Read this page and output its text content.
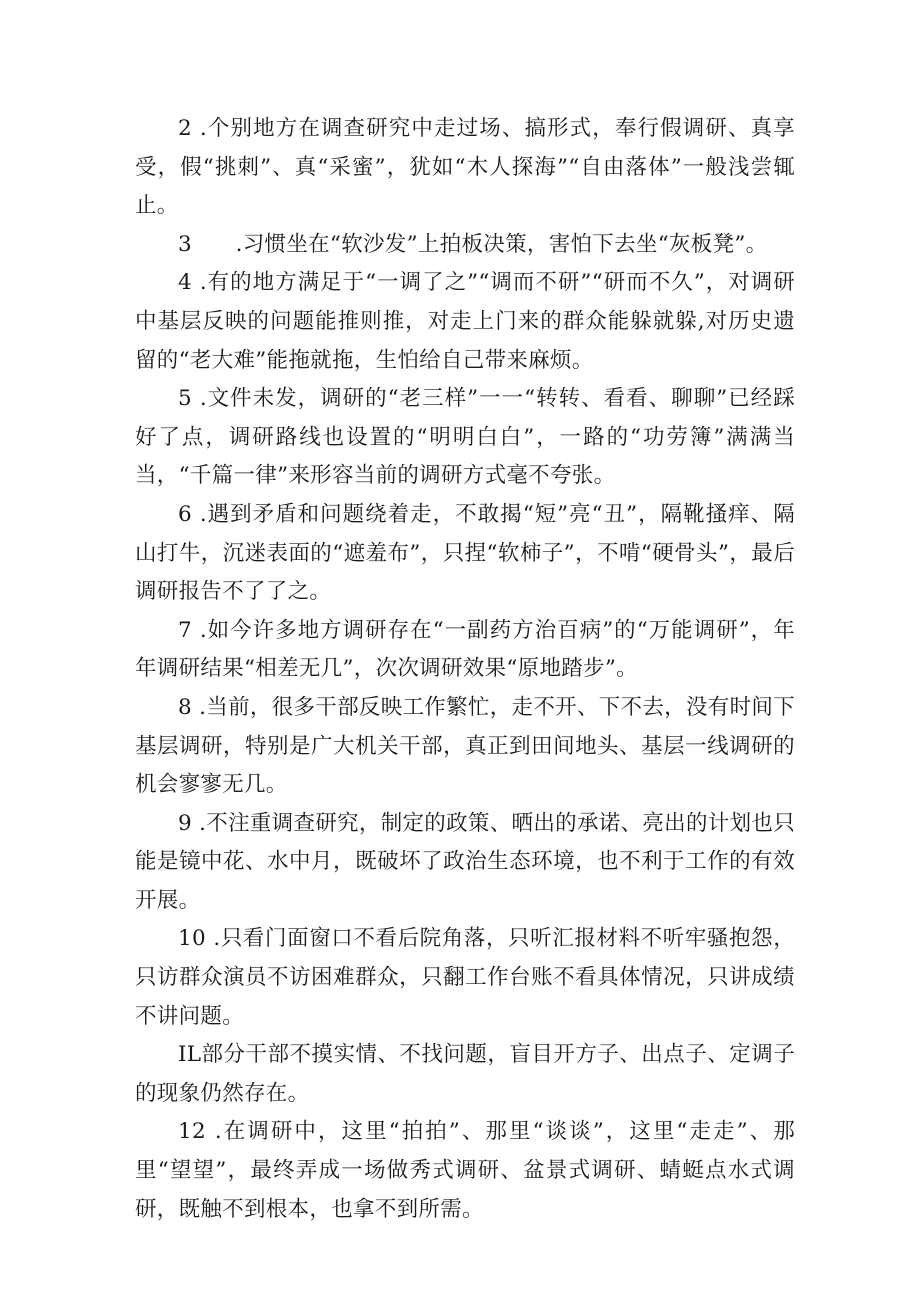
2 .个别地方在调查研究中走过场、搞形式，奉行假调研、真享受，假“挑刺”、真“采蜜”，犹如“木人探海”“自由落体”一般浅尝辄止。

3　　.习惯坐在“软沙发”上拍板决策，害怕下去坐“灰板凳”。

4 .有的地方满足于“一调了之”“调而不研”“研而不久”，对调研中基层反映的问题能推则推，对走上门来的群众能躲就躲,对历史遗留的“老大难”能拖就拖，生怕给自己带来麻烦。

5 .文件未发，调研的“老三样”一一“转转、看看、聊聊”已经踩好了点，调研路线也设置的“明明白白”，一路的“功劳簿”满满当当，“千篇一律”来形容当前的调研方式毫不夸张。

6 .遇到矛盾和问题绕着走，不敢揭“短”亮“丑”，隔靴搔痒、隔山打牛，沉迷表面的“遮羞布”，只捏“软柿子”，不啃“硬骨头”，最后调研报告不了了之。

7 .如今许多地方调研存在“一副药方治百病”的“万能调研”，年年调研结果“相差无几”，次次调研效果“原地踏步”。

8 .当前，很多干部反映工作繁忙，走不开、下不去，没有时间下基层调研，特别是广大机关干部，真正到田间地头、基层一线调研的机会寥寥无几。

9 .不注重调查研究，制定的政策、晒出的承诺、亮出的计划也只能是镜中花、水中月，既破坏了政治生态环境，也不利于工作的有效开展。

10 .只看门面窗口不看后院角落，只听汇报材料不听牢骚抱怨，只访群众演员不访困难群众，只翻工作台账不看具体情况，只讲成绩不讲问题。

IL部分干部不摸实情、不找问题，盲目开方子、出点子、定调子的现象仍然存在。

12 .在调研中，这里“拍拍”、那里“谈谈”，这里“走走”、那里“望望”，最终弄成一场做秀式调研、盆景式调研、蜻蜓点水式调研，既触不到根本，也拿不到所需。
